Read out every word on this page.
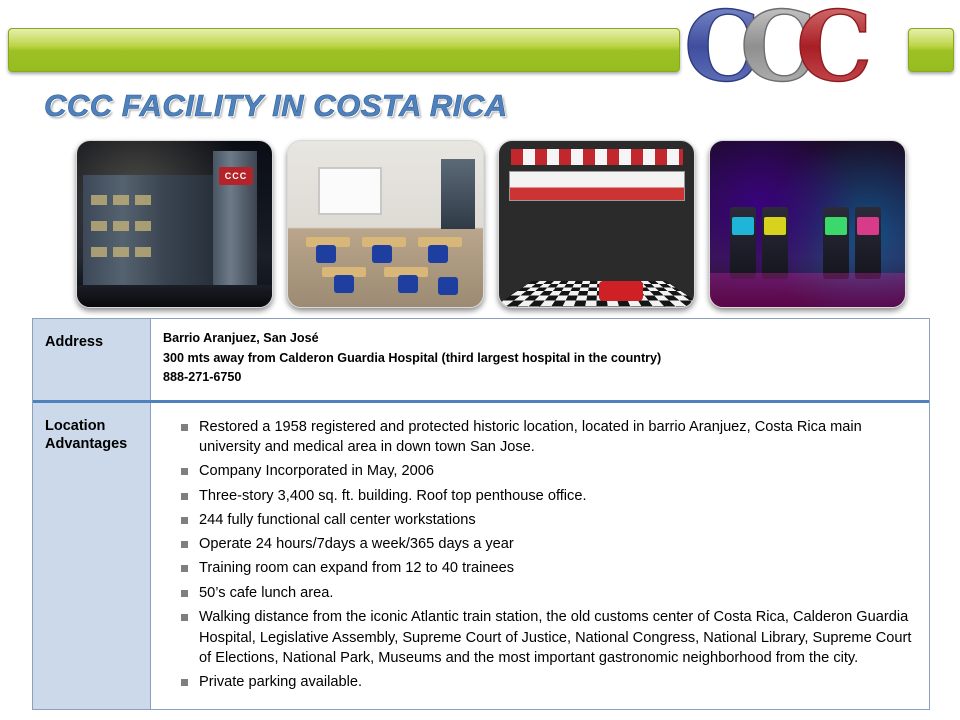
C
C
C
CCC FACILITY IN COSTA RICA
CCC
Address	Barrio Aranjuez, San José
300 mts away from Calderon Guardia Hospital (third largest hospital in the country)
888-271-6750
Location Advantages
Restored a 1958 registered and protected historic location, located in barrio Aranjuez, Costa Rica main university and medical area in down town San Jose.
Company Incorporated in May, 2006
Three-story 3,400 sq. ft. building. Roof top penthouse office.
244 fully functional call center workstations
Operate 24 hours/7days a week/365 days a year
Training room can expand from 12 to 40 trainees
50’s cafe lunch area.
Walking distance from the iconic Atlantic train station, the old customs center of Costa Rica, Calderon Guardia Hospital, Legislative Assembly, Supreme Court of Justice, National Congress, National Library, Supreme Court of Elections, National Park, Museums and the most important gastronomic neighborhood from the city.
Private parking available.
